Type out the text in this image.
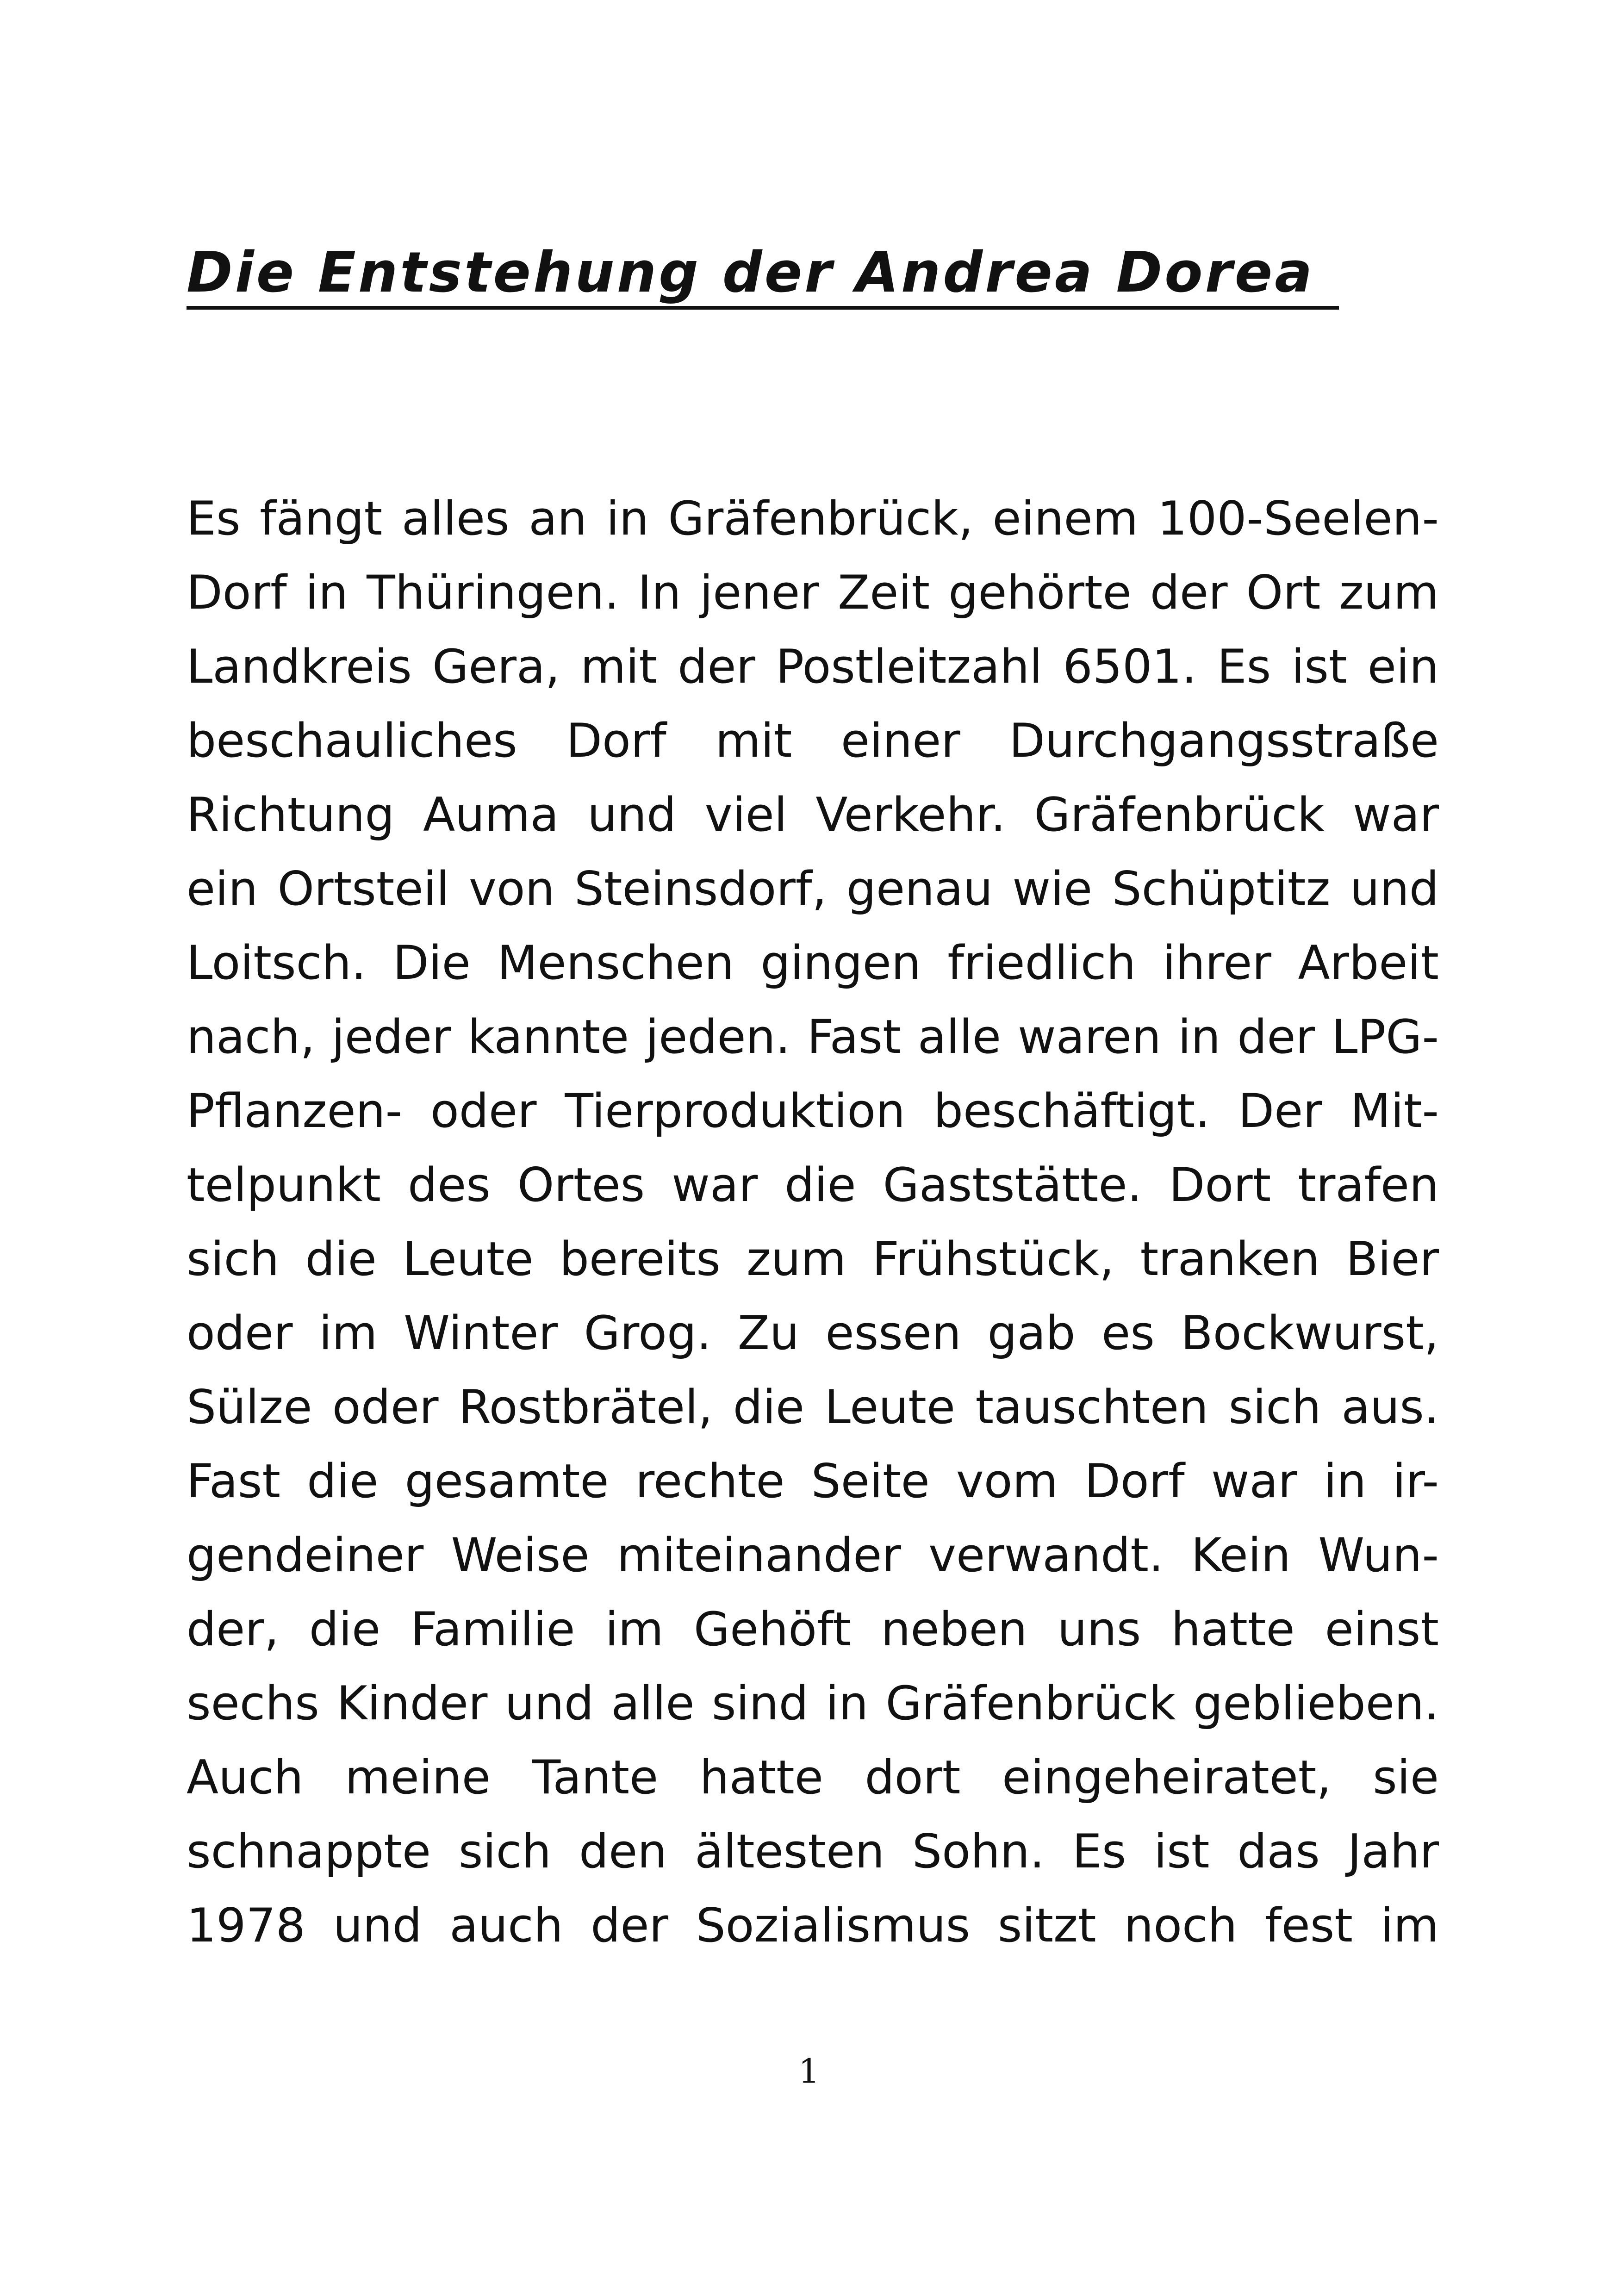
Die Entstehung der Andrea Dorea
Es fängt alles an in Gräfenbrück, einem 100-Seelen-
Dorf in Thüringen. In jener Zeit gehörte der Ort zum
Landkreis Gera, mit der Postleitzahl 6501. Es ist ein
beschauliches Dorf mit einer Durchgangsstraße
Richtung Auma und viel Verkehr. Gräfenbrück war
ein Ortsteil von Steinsdorf, genau wie Schüptitz und
Loitsch. Die Menschen gingen friedlich ihrer Arbeit
nach, jeder kannte jeden. Fast alle waren in der LPG-
Pflanzen- oder Tierproduktion beschäftigt. Der Mit-
telpunkt des Ortes war die Gaststätte. Dort trafen
sich die Leute bereits zum Frühstück, tranken Bier
oder im Winter Grog. Zu essen gab es Bockwurst,
Sülze oder Rostbrätel, die Leute tauschten sich aus.
Fast die gesamte rechte Seite vom Dorf war in ir-
gendeiner Weise miteinander verwandt. Kein Wun-
der, die Familie im Gehöft neben uns hatte einst
sechs Kinder und alle sind in Gräfenbrück geblieben.
Auch meine Tante hatte dort eingeheiratet, sie
schnappte sich den ältesten Sohn. Es ist das Jahr
1978 und auch der Sozialismus sitzt noch fest im
1
